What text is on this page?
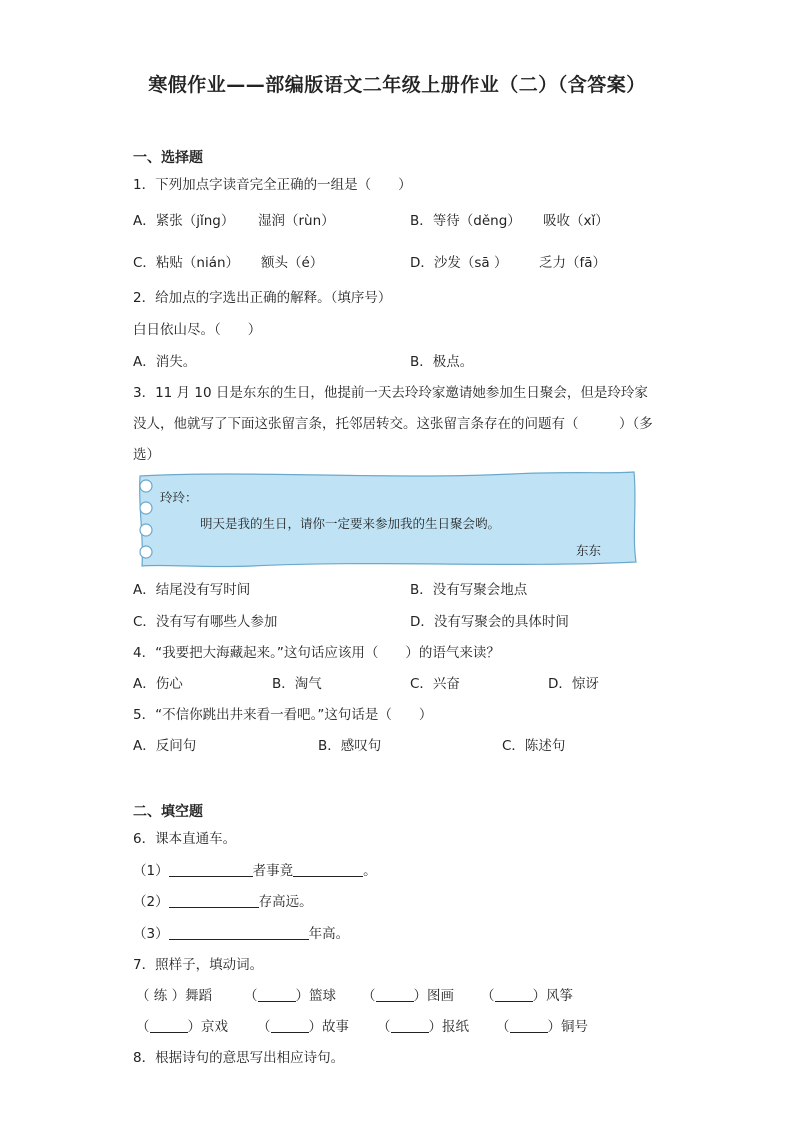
寒假作业——部编版语文二年级上册作业（二）（含答案）
一、选择题
1．下列加点字读音完全正确的一组是（　　）
A．紧张（jǐng） 湿润（rùn）	B．等待（děng） 吸收（xǐ）
C．粘贴（nián） 额头（é）	D．沙发（sā ） 乏力（fā）
2．给加点的字选出正确的解释。（填序号）
白日依山尽。（　　）
A．消失。	B．极点。
3．11 月 10 日是东东的生日，他提前一天去玲玲家邀请她参加生日聚会，但是玲玲家
没人，他就写了下面这张留言条，托邻居转交。这张留言条存在的问题有（　　　）（多
选）
玲玲：
明天是我的生日，请你一定要来参加我的生日聚会哟。
东东
A．结尾没有写时间	B．没有写聚会地点
C．没有写有哪些人参加	D．没有写聚会的具体时间
4．“我要把大海藏起来。”这句话应该用（　　）的语气来读？
A．伤心	B．淘气	C．兴奋	D．惊讶
5．“不信你跳出井来看一看吧。”这句话是（　　）
A．反问句	B．感叹句	C．陈述句
二、填空题
6．课本直通车。
（1）	者事竟	。
（2）	存高远。
（3）	年高。
7．照样子，填动词。
（ 练 ）舞蹈 （	）篮球 （	）图画 （	）风筝
（	）京戏 （	）故事 （	）报纸 （	）铜号
8．根据诗句的意思写出相应诗句。
